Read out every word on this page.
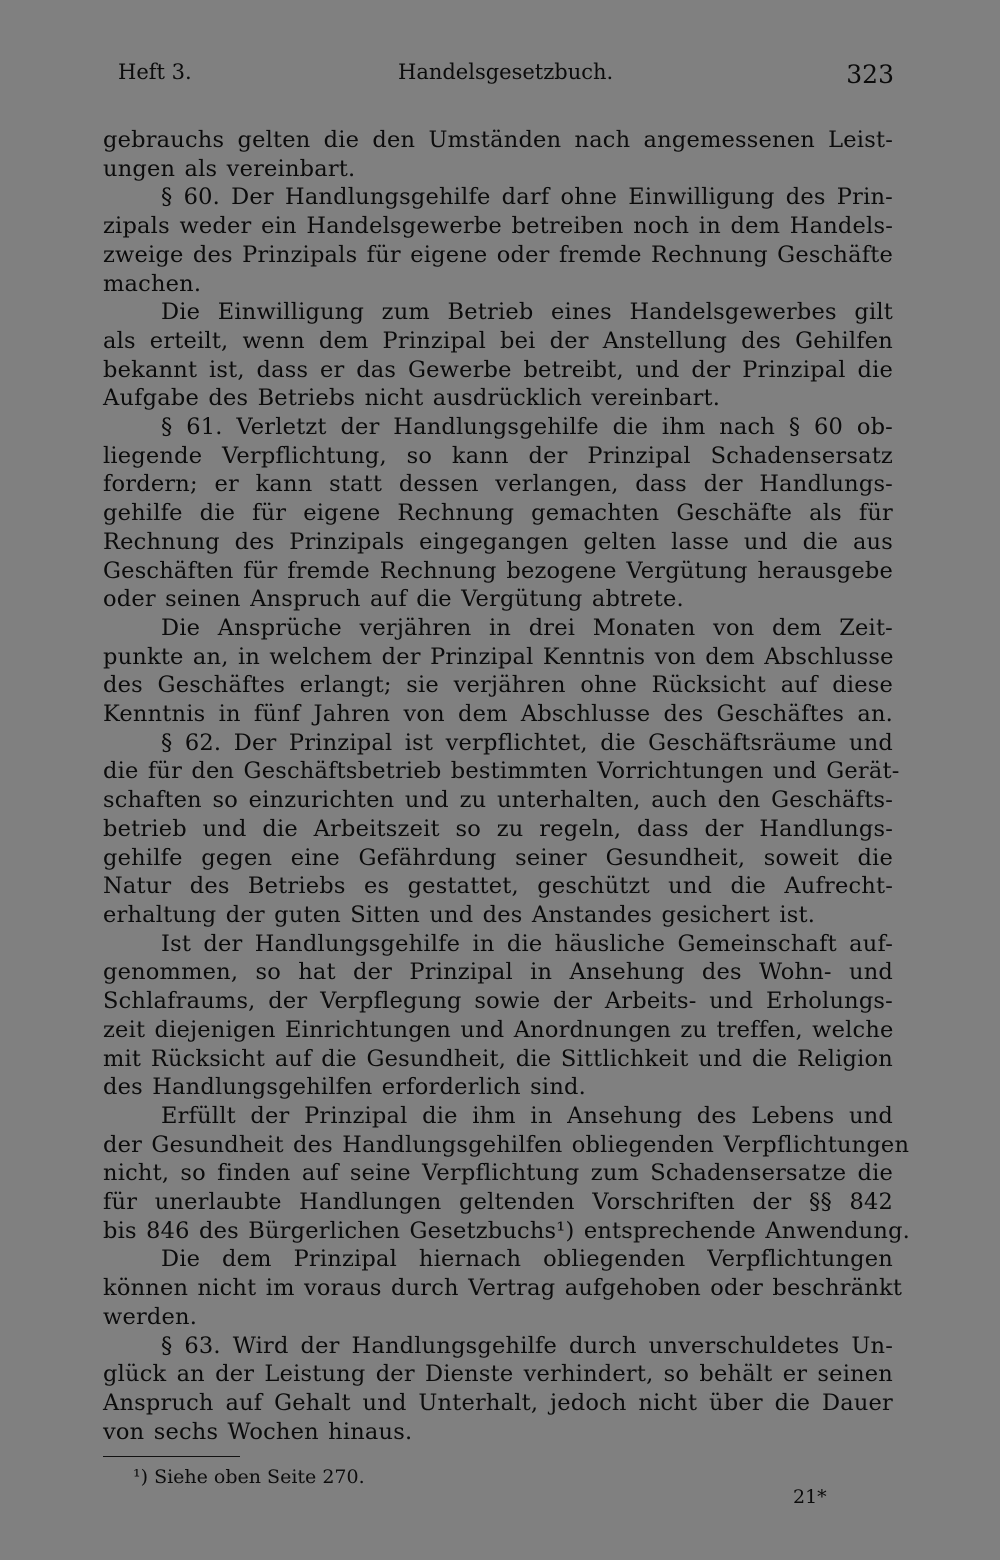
Heft 3.	Handelsgesetzbuch.	323
gebrauchs gelten die den Umständen nach angemessenen Leist-
ungen als vereinbart.
§ 60. Der Handlungsgehilfe darf ohne Einwilligung des Prin-
zipals weder ein Handelsgewerbe betreiben noch in dem Handels-
zweige des Prinzipals für eigene oder fremde Rechnung Geschäfte
machen.
Die Einwilligung zum Betrieb eines Handelsgewerbes gilt
als erteilt, wenn dem Prinzipal bei der Anstellung des Gehilfen
bekannt ist, dass er das Gewerbe betreibt, und der Prinzipal die
Aufgabe des Betriebs nicht ausdrücklich vereinbart.
§ 61. Verletzt der Handlungsgehilfe die ihm nach § 60 ob-
liegende Verpflichtung, so kann der Prinzipal Schadensersatz
fordern; er kann statt dessen verlangen, dass der Handlungs-
gehilfe die für eigene Rechnung gemachten Geschäfte als für
Rechnung des Prinzipals eingegangen gelten lasse und die aus
Geschäften für fremde Rechnung bezogene Vergütung herausgebe
oder seinen Anspruch auf die Vergütung abtrete.
Die Ansprüche verjähren in drei Monaten von dem Zeit-
punkte an, in welchem der Prinzipal Kenntnis von dem Abschlusse
des Geschäftes erlangt; sie verjähren ohne Rücksicht auf diese
Kenntnis in fünf Jahren von dem Abschlusse des Geschäftes an.
§ 62. Der Prinzipal ist verpflichtet, die Geschäftsräume und
die für den Geschäftsbetrieb bestimmten Vorrichtungen und Gerät-
schaften so einzurichten und zu unterhalten, auch den Geschäfts-
betrieb und die Arbeitszeit so zu regeln, dass der Handlungs-
gehilfe gegen eine Gefährdung seiner Gesundheit, soweit die
Natur des Betriebs es gestattet, geschützt und die Aufrecht-
erhaltung der guten Sitten und des Anstandes gesichert ist.
Ist der Handlungsgehilfe in die häusliche Gemeinschaft auf-
genommen, so hat der Prinzipal in Ansehung des Wohn- und
Schlafraums, der Verpflegung sowie der Arbeits- und Erholungs-
zeit diejenigen Einrichtungen und Anordnungen zu treffen, welche
mit Rücksicht auf die Gesundheit, die Sittlichkeit und die Religion
des Handlungsgehilfen erforderlich sind.
Erfüllt der Prinzipal die ihm in Ansehung des Lebens und
der Gesundheit des Handlungsgehilfen obliegenden Verpflichtungen
nicht, so finden auf seine Verpflichtung zum Schadensersatze die
für unerlaubte Handlungen geltenden Vorschriften der §§ 842
bis 846 des Bürgerlichen Gesetzbuchs¹) entsprechende Anwendung.
Die dem Prinzipal hiernach obliegenden Verpflichtungen
können nicht im voraus durch Vertrag aufgehoben oder beschränkt
werden.
§ 63. Wird der Handlungsgehilfe durch unverschuldetes Un-
glück an der Leistung der Dienste verhindert, so behält er seinen
Anspruch auf Gehalt und Unterhalt, jedoch nicht über die Dauer
von sechs Wochen hinaus.
¹) Siehe oben Seite 270.
21*
